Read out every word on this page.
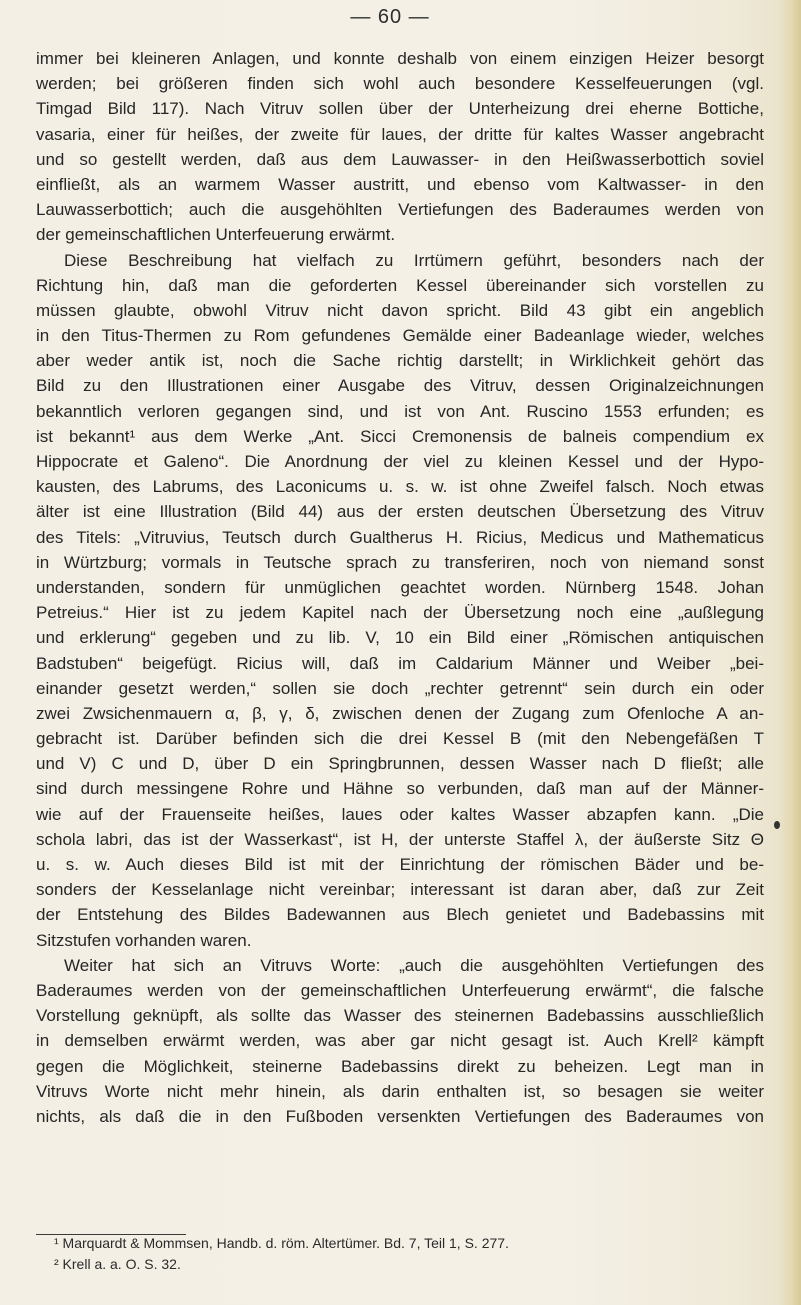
— 60 —
immer bei kleineren Anlagen, und konnte deshalb von einem einzigen Heizer besorgt
werden; bei größeren finden sich wohl auch besondere Kesselfeuerungen (vgl.
Timgad Bild 117). Nach Vitruv sollen über der Unterheizung drei eherne Bottiche,
vasaria, einer für heißes, der zweite für laues, der dritte für kaltes Wasser angebracht
und so gestellt werden, daß aus dem Lauwasser- in den Heißwasserbottich soviel
einfließt, als an warmem Wasser austritt, und ebenso vom Kaltwasser- in den
Lauwasserbottich; auch die ausgehöhlten Vertiefungen des Baderaumes werden von
der gemeinschaftlichen Unterfeuerung erwärmt.
Diese Beschreibung hat vielfach zu Irrtümern geführt, besonders nach der
Richtung hin, daß man die geforderten Kessel übereinander sich vorstellen zu
müssen glaubte, obwohl Vitruv nicht davon spricht. Bild 43 gibt ein angeblich
in den Titus-Thermen zu Rom gefundenes Gemälde einer Badeanlage wieder, welches
aber weder antik ist, noch die Sache richtig darstellt; in Wirklichkeit gehört das
Bild zu den Illustrationen einer Ausgabe des Vitruv, dessen Originalzeichnungen
bekanntlich verloren gegangen sind, und ist von Ant. Ruscino 1553 erfunden; es
ist bekannt¹ aus dem Werke „Ant. Sicci Cremonensis de balneis compendium ex
Hippocrate et Galeno“. Die Anordnung der viel zu kleinen Kessel und der Hypo-
kausten, des Labrums, des Laconicums u. s. w. ist ohne Zweifel falsch. Noch etwas
älter ist eine Illustration (Bild 44) aus der ersten deutschen Übersetzung des Vitruv
des Titels: „Vitruvius, Teutsch durch Gualtherus H. Ricius, Medicus und Mathematicus
in Würtzburg; vormals in Teutsche sprach zu transferiren, noch von niemand sonst
understanden, sondern für unmüglichen geachtet worden. Nürnberg 1548. Johan
Petreius.“ Hier ist zu jedem Kapitel nach der Übersetzung noch eine „außlegung
und erklerung“ gegeben und zu lib. V, 10 ein Bild einer „Römischen antiquischen
Badstuben“ beigefügt. Ricius will, daß im Caldarium Männer und Weiber „bei-
einander gesetzt werden,“ sollen sie doch „rechter getrennt“ sein durch ein oder
zwei Zwsichenmauern α, β, γ, δ, zwischen denen der Zugang zum Ofenloche A an-
gebracht ist. Darüber befinden sich die drei Kessel B (mit den Nebengefäßen T
und V) C und D, über D ein Springbrunnen, dessen Wasser nach D fließt; alle
sind durch messingene Rohre und Hähne so verbunden, daß man auf der Männer-
wie auf der Frauenseite heißes, laues oder kaltes Wasser abzapfen kann. „Die
schola labri, das ist der Wasserkast“, ist H, der unterste Staffel λ, der äußerste Sitz Θ
u. s. w. Auch dieses Bild ist mit der Einrichtung der römischen Bäder und be-
sonders der Kesselanlage nicht vereinbar; interessant ist daran aber, daß zur Zeit
der Entstehung des Bildes Badewannen aus Blech genietet und Badebassins mit
Sitzstufen vorhanden waren.
Weiter hat sich an Vitruvs Worte: „auch die ausgehöhlten Vertiefungen des
Baderaumes werden von der gemeinschaftlichen Unterfeuerung erwärmt“, die falsche
Vorstellung geknüpft, als sollte das Wasser des steinernen Badebassins ausschließlich
in demselben erwärmt werden, was aber gar nicht gesagt ist. Auch Krell² kämpft
gegen die Möglichkeit, steinerne Badebassins direkt zu beheizen. Legt man in
Vitruvs Worte nicht mehr hinein, als darin enthalten ist, so besagen sie weiter
nichts, als daß die in den Fußboden versenkten Vertiefungen des Baderaumes von
¹ Marquardt & Mommsen, Handb. d. röm. Altertümer. Bd. 7, Teil 1, S. 277.
² Krell a. a. O. S. 32.
